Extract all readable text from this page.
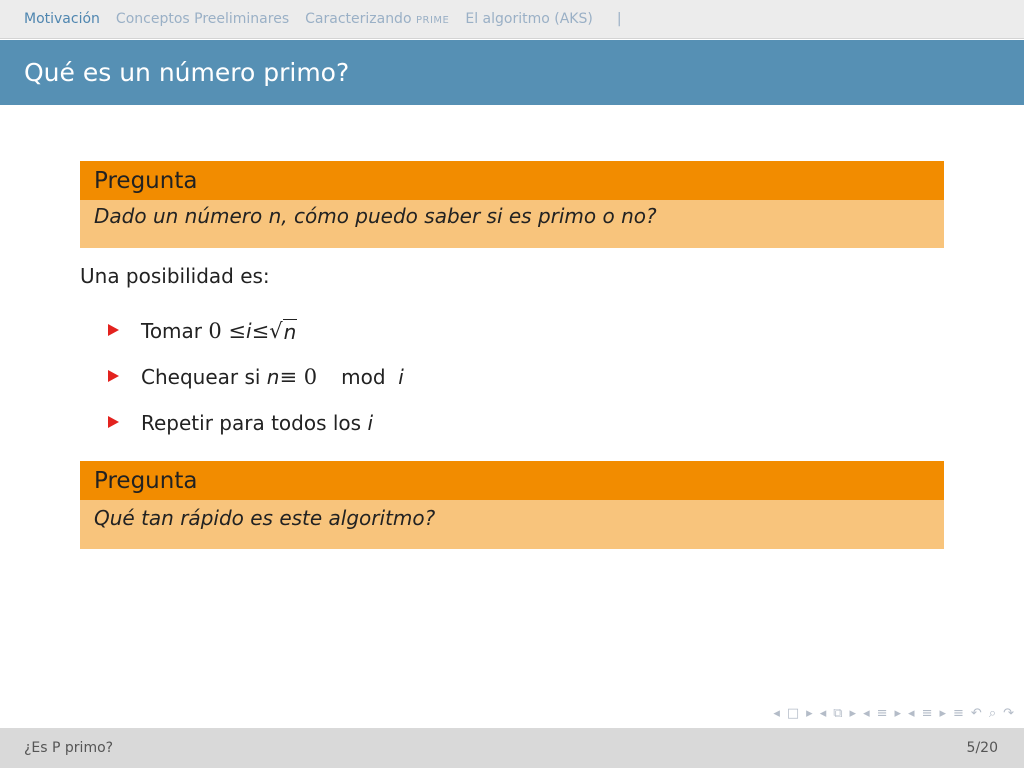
Motivación Conceptos Preeliminares Caracterizando PRIME El algoritmo (AKS) |
Qué es un número primo?
Pregunta
Dado un número n, cómo puedo saber si es primo o no?
Una posibilidad es:
Tomar
0 ≤ i ≤ √ n
Chequear si
n ≡ 0 mod
i
Repetir para todos los
i
Pregunta
Qué tan rápido es este algoritmo?
◂ □ ▸ ◂ ⧉ ▸ ◂ ≡ ▸ ◂ ≡ ▸ ≡ ↶ ⌕ ↷
¿Es P primo?	5/20
